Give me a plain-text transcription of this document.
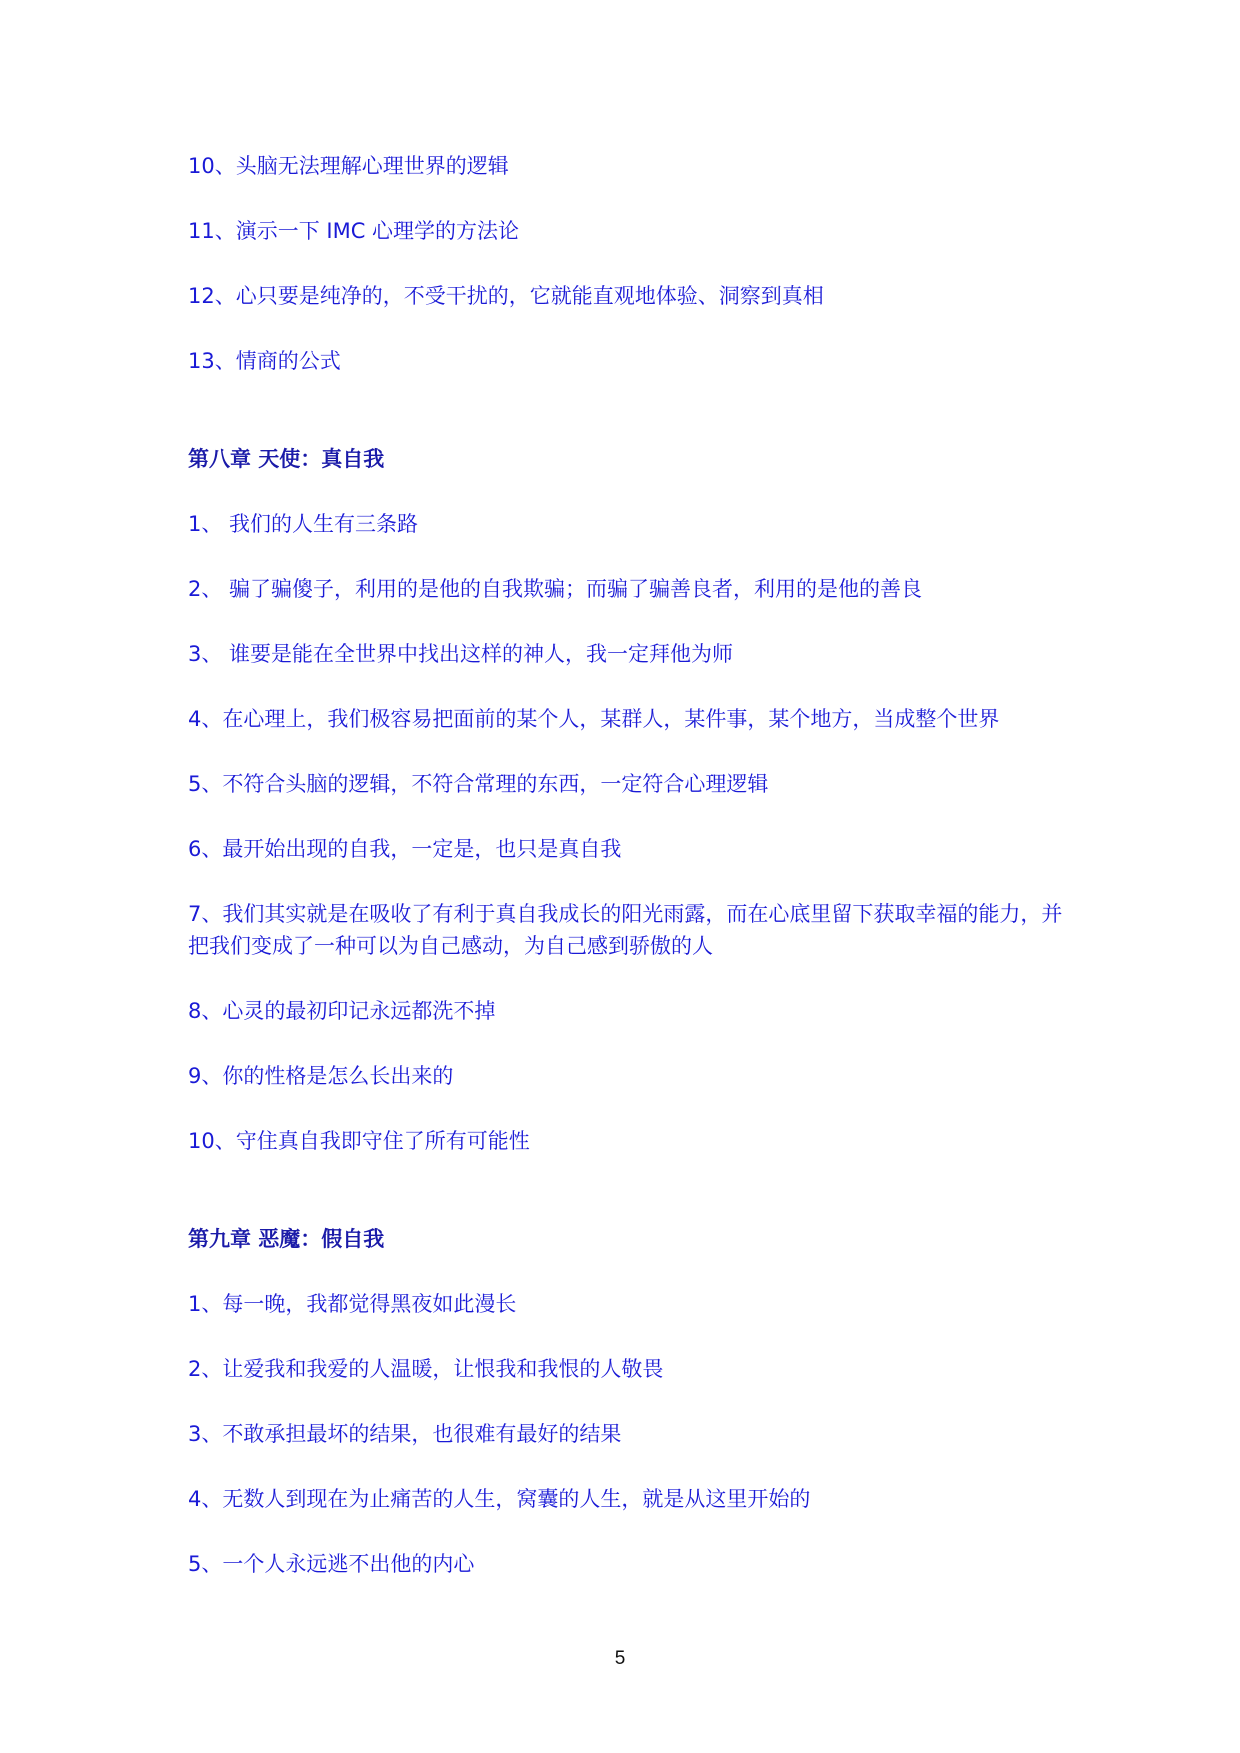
10、头脑无法理解心理世界的逻辑
11、演示一下 IMC 心理学的方法论
12、心只要是纯净的，不受干扰的，它就能直观地体验、洞察到真相
13、情商的公式
第八章 天使：真自我
1、 我们的人生有三条路
2、 骗了骗傻子，利用的是他的自我欺骗；而骗了骗善良者，利用的是他的善良
3、 谁要是能在全世界中找出这样的神人，我一定拜他为师
4、在心理上，我们极容易把面前的某个人，某群人，某件事，某个地方，当成整个世界
5、不符合头脑的逻辑，不符合常理的东西，一定符合心理逻辑
6、最开始出现的自我，一定是，也只是真自我
7、我们其实就是在吸收了有利于真自我成长的阳光雨露，而在心底里留下获取幸福的能力，并把我们变成了一种可以为自己感动，为自己感到骄傲的人
8、心灵的最初印记永远都洗不掉
9、你的性格是怎么长出来的
10、守住真自我即守住了所有可能性
第九章 恶魔：假自我
1、每一晚，我都觉得黑夜如此漫长
2、让爱我和我爱的人温暖，让恨我和我恨的人敬畏
3、不敢承担最坏的结果，也很难有最好的结果
4、无数人到现在为止痛苦的人生，窝囊的人生，就是从这里开始的
5、一个人永远逃不出他的内心
5
